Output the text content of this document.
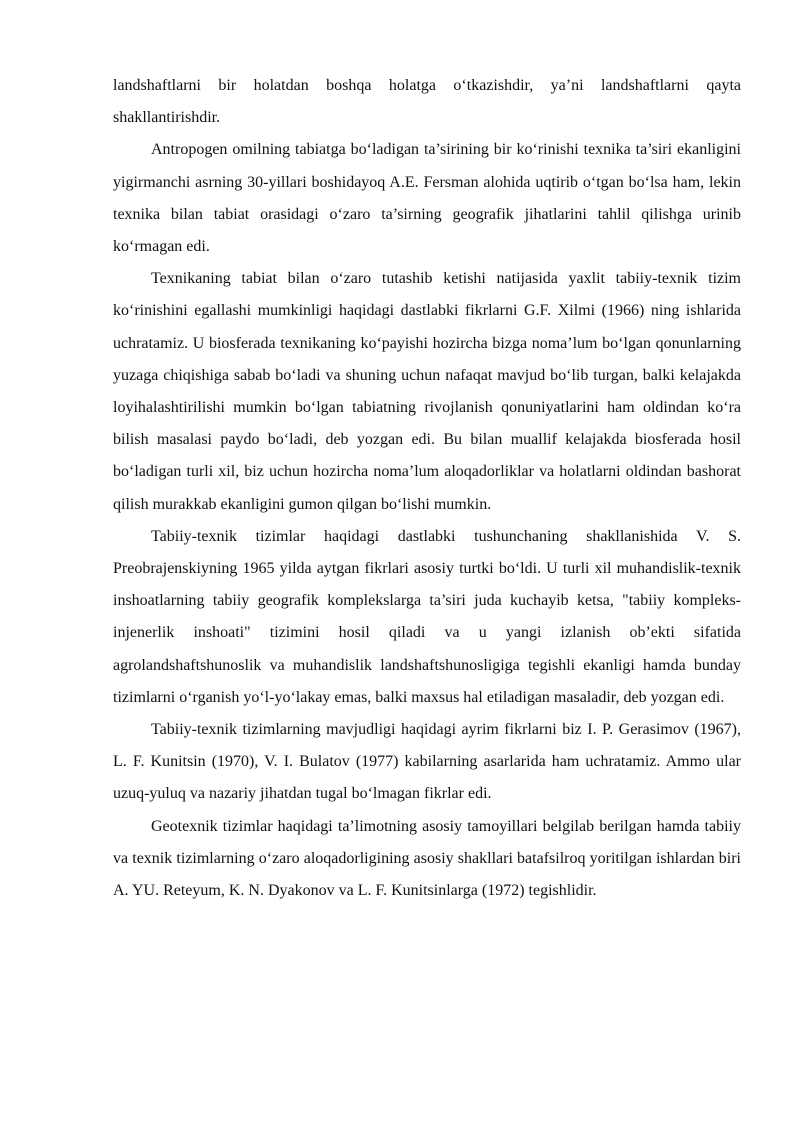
landshaftlarni bir holatdan boshqa holatga o‘tkazishdir, ya’ni landshaftlarni qayta shakllantirishdir.

Antropogen omilning tabiatga bo‘ladigan ta’sirining bir ko‘rinishi texnika ta’siri ekanligini yigirmanchi asrning 30-yillari boshidayoq A.E. Fersman alohida uqtirib o‘tgan bo‘lsa ham, lekin texnika bilan tabiat orasidagi o‘zaro ta’sirning geografik jihatlarini tahlil qilishga urinib ko‘rmagan edi.

Texnikaning tabiat bilan o‘zaro tutashib ketishi natijasida yaxlit tabiiy-texnik tizim ko‘rinishini egallashi mumkinligi haqidagi dastlabki fikrlarni G.F. Xilmi (1966) ning ishlarida uchratamiz. U biosferada texnikaning ko‘payishi hozircha bizga noma’lum bo‘lgan qonunlarning yuzaga chiqishiga sabab bo‘ladi va shuning uchun nafaqat mavjud bo‘lib turgan, balki kelajakda loyihalashtirilishi mumkin bo‘lgan tabiatning rivojlanish qonuniyatlarini ham oldindan ko‘ra bilish masalasi paydo bo‘ladi, deb yozgan edi. Bu bilan muallif kelajakda biosferada hosil bo‘ladigan turli xil, biz uchun hozircha noma’lum aloqadorliklar va holatlarni oldindan bashorat qilish murakkab ekanligini gumon qilgan bo‘lishi mumkin.

Tabiiy-texnik tizimlar haqidagi dastlabki tushunchaning shakllanishida V. S. Preobrajenskiyning 1965 yilda aytgan fikrlari asosiy turtki bo‘ldi. U turli xil muhandislik-texnik inshoatlarning tabiiy geografik komplekslarga ta’siri juda kuchayib ketsa, "tabiiy kompleks-injenerlik inshoati" tizimini hosil qiladi va u yangi izlanish ob’ekti sifatida agrolandshaftshunoslik va muhandislik landshaftshunosligiga tegishli ekanligi hamda bunday tizimlarni o‘rganish yo‘l-yo‘lakay emas, balki maxsus hal etiladigan masaladir, deb yozgan edi.

Tabiiy-texnik tizimlarning mavjudligi haqidagi ayrim fikrlarni biz I. P. Gerasimov (1967), L. F. Kunitsin (1970), V. I. Bulatov (1977) kabilarning asarlarida ham uchratamiz. Ammo ular uzuq-yuluq va nazariy jihatdan tugal bo‘lmagan fikrlar edi.

Geotexnik tizimlar haqidagi ta’limotning asosiy tamoyillari belgilab berilgan hamda tabiiy va texnik tizimlarning o‘zaro aloqadorligining asosiy shakllari batafsilroq yoritilgan ishlardan biri A. YU. Reteyum, K. N. Dyakonov va L. F. Kunitsinlarga (1972) tegishlidir.
